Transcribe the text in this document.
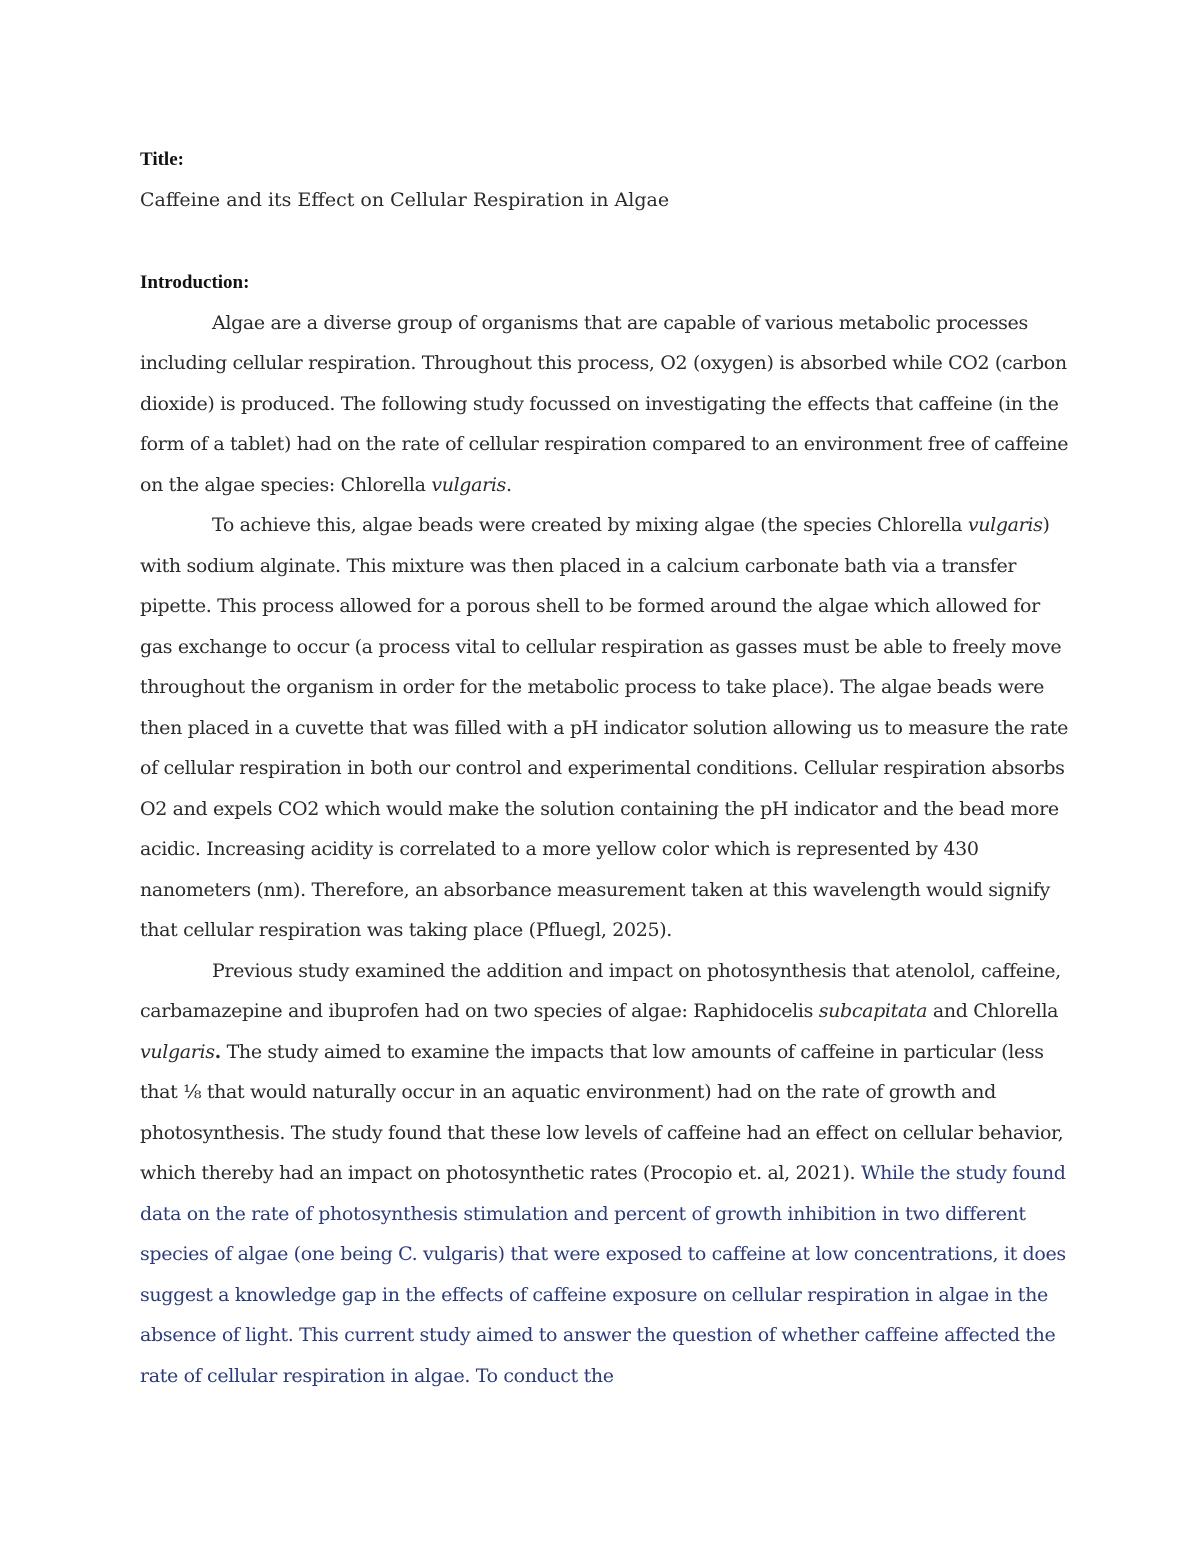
Title:

Caffeine and its Effect on Cellular Respiration in Algae

Introduction:

Algae are a diverse group of organisms that are capable of various metabolic processes including cellular respiration. Throughout this process, O2 (oxygen) is absorbed while CO2 (carbon dioxide) is produced. The following study focussed on investigating the effects that caffeine (in the form of a tablet) had on the rate of cellular respiration compared to an environment free of caffeine on the algae species: Chlorella vulgaris.

To achieve this, algae beads were created by mixing algae (the species Chlorella vulgaris) with sodium alginate. This mixture was then placed in a calcium carbonate bath via a transfer pipette. This process allowed for a porous shell to be formed around the algae which allowed for gas exchange to occur (a process vital to cellular respiration as gasses must be able to freely move throughout the organism in order for the metabolic process to take place). The algae beads were then placed in a cuvette that was filled with a pH indicator solution allowing us to measure the rate of cellular respiration in both our control and experimental conditions. Cellular respiration absorbs O2 and expels CO2 which would make the solution containing the pH indicator and the bead more acidic. Increasing acidity is correlated to a more yellow color which is represented by 430 nanometers (nm). Therefore, an absorbance measurement taken at this wavelength would signify that cellular respiration was taking place (Pfluegl, 2025).

Previous study examined the addition and impact on photosynthesis that atenolol, caffeine, carbamazepine and ibuprofen had on two species of algae: Raphidocelis subcapitata and Chlorella vulgaris. The study aimed to examine the impacts that low amounts of caffeine in particular (less that ⅛ that would naturally occur in an aquatic environment) had on the rate of growth and photosynthesis. The study found that these low levels of caffeine had an effect on cellular behavior, which thereby had an impact on photosynthetic rates (Procopio et. al, 2021). While the study found data on the rate of photosynthesis stimulation and percent of growth inhibition in two different species of algae (one being C. vulgaris) that were exposed to caffeine at low concentrations, it does suggest a knowledge gap in the effects of caffeine exposure on cellular respiration in algae in the absence of light. This current study aimed to answer the question of whether caffeine affected the rate of cellular respiration in algae. To conduct the
